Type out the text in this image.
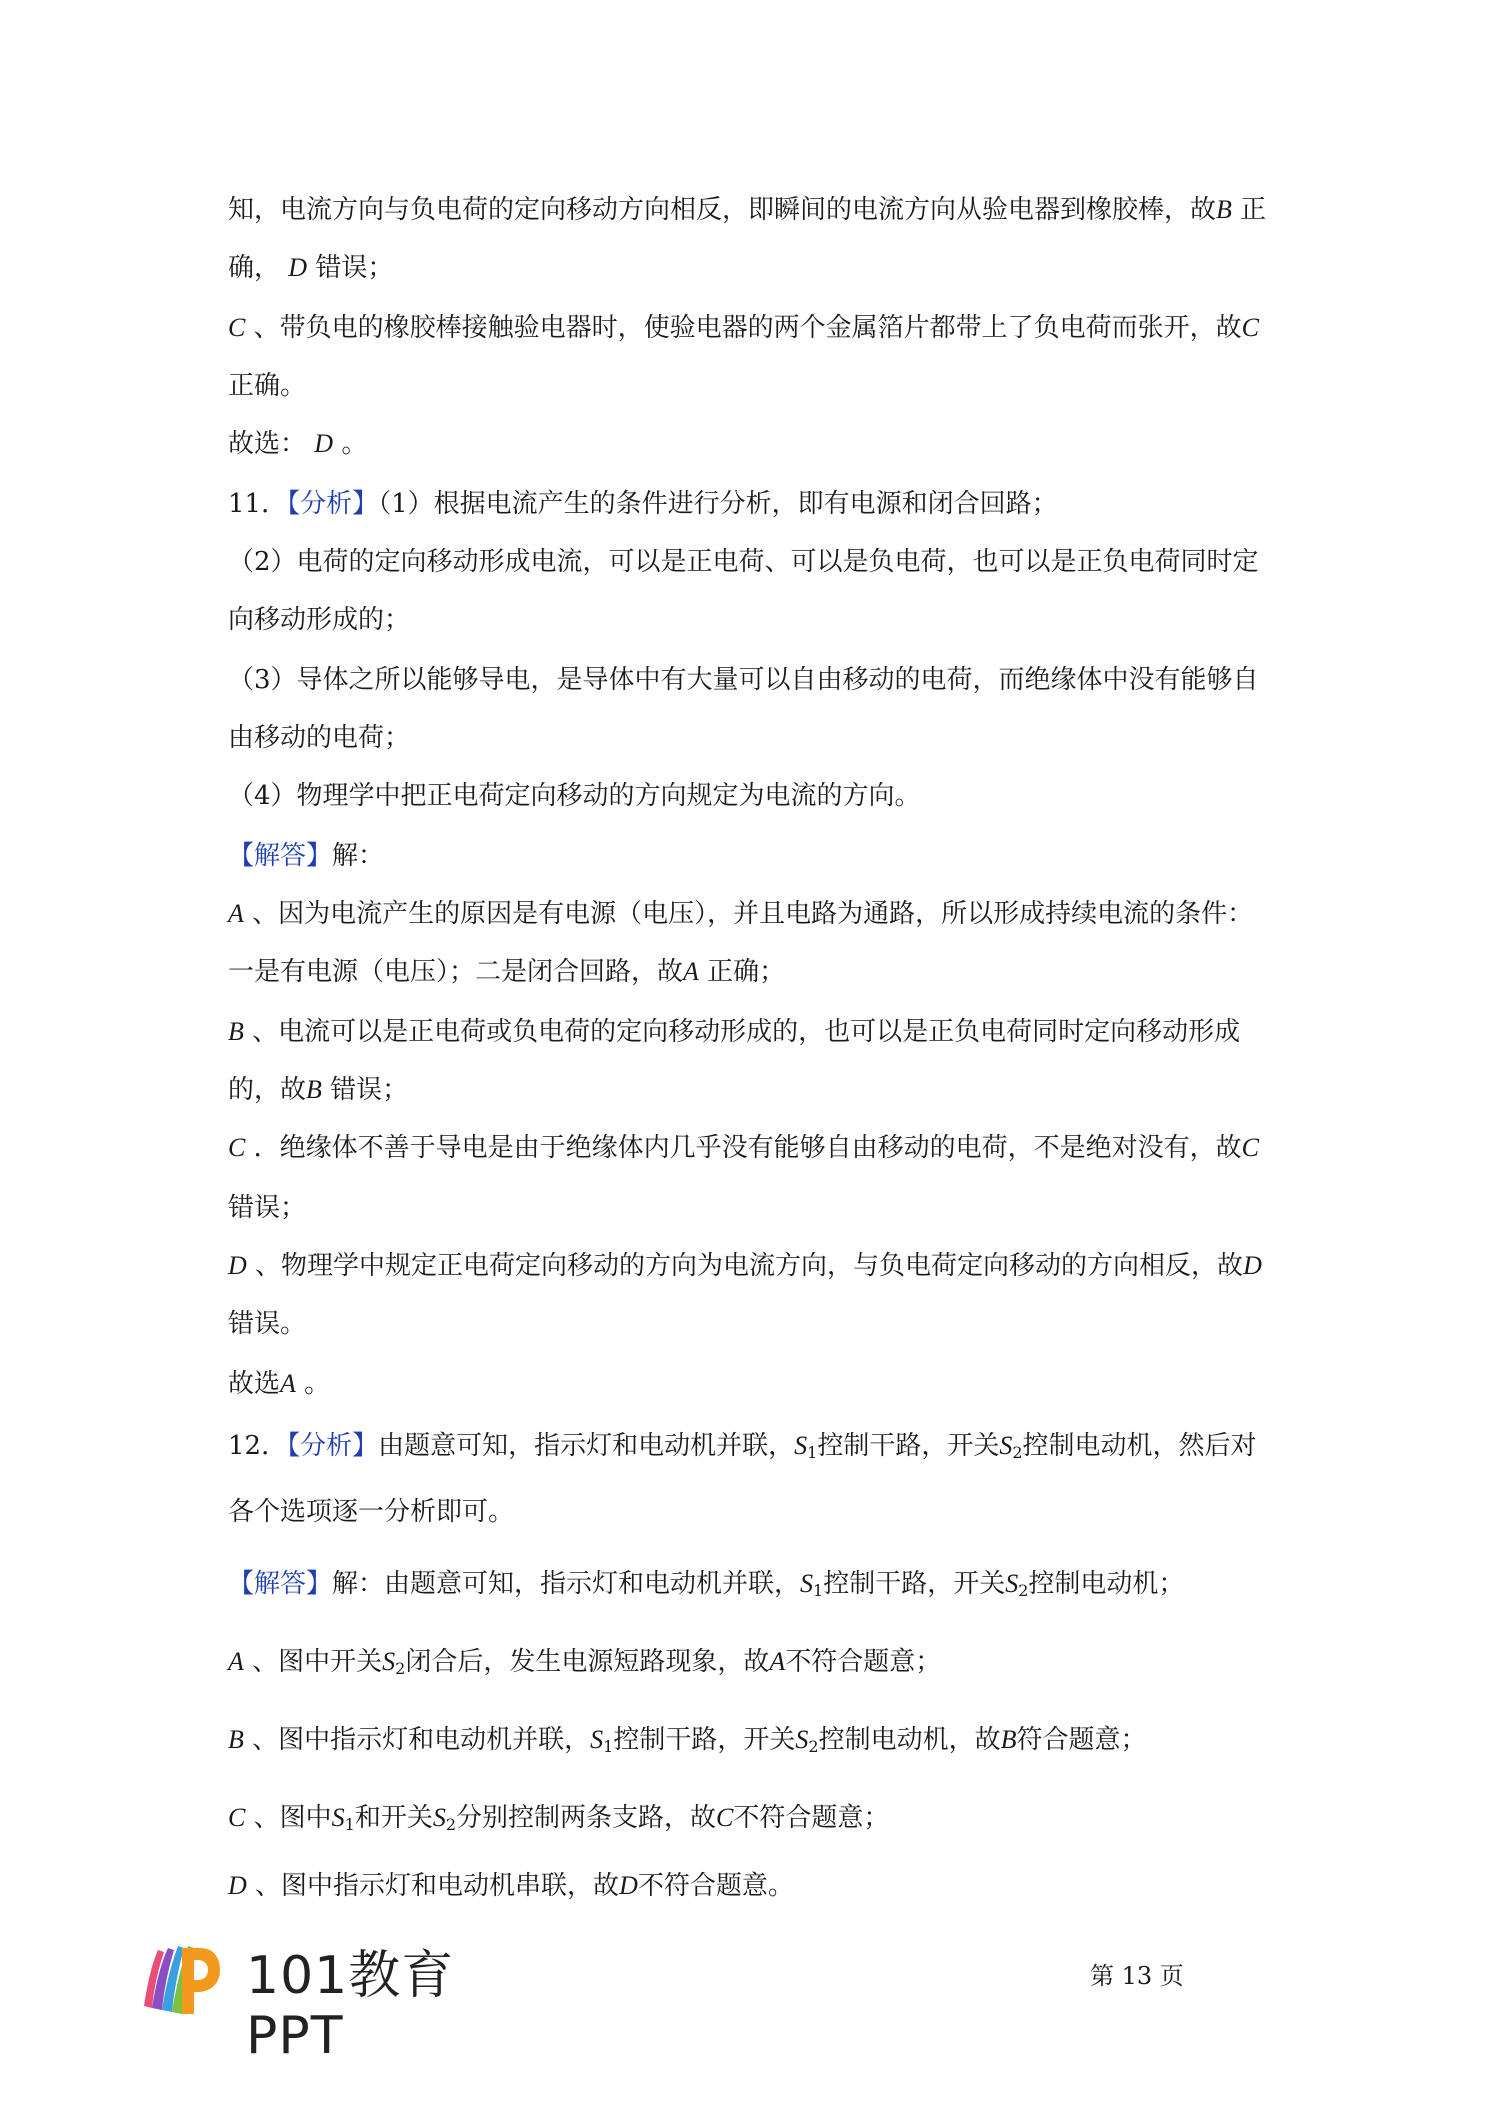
知，电流方向与负电荷的定向移动方向相反，即瞬间的电流方向从验电器到橡胶棒，故B 正
确， D 错误；
C 、带负电的橡胶棒接触验电器时，使验电器的两个金属箔片都带上了负电荷而张开，故C
正确。
故选： D 。
11．【分析】（1）根据电流产生的条件进行分析，即有电源和闭合回路；
（2）电荷的定向移动形成电流，可以是正电荷、可以是负电荷，也可以是正负电荷同时定
向移动形成的；
（3）导体之所以能够导电，是导体中有大量可以自由移动的电荷，而绝缘体中没有能够自
由移动的电荷；
（4）物理学中把正电荷定向移动的方向规定为电流的方向。
【解答】解：
A 、因为电流产生的原因是有电源（电压），并且电路为通路，所以形成持续电流的条件：
一是有电源（电压）；二是闭合回路，故A 正确；
B 、电流可以是正电荷或负电荷的定向移动形成的，也可以是正负电荷同时定向移动形成
的，故B 错误；
C ．绝缘体不善于导电是由于绝缘体内几乎没有能够自由移动的电荷，不是绝对没有，故C
错误；
D 、物理学中规定正电荷定向移动的方向为电流方向，与负电荷定向移动的方向相反，故D
错误。
故选A 。
12．【分析】由题意可知，指示灯和电动机并联，$S_1$控制干路，开关$S_2$控制电动机，然后对
各个选项逐一分析即可。
【解答】解：由题意可知，指示灯和电动机并联，$S_1$控制干路，开关$S_2$控制电动机；
A 、图中开关$S_2$闭合后，发生电源短路现象，故A不符合题意；
B 、图中指示灯和电动机并联，$S_1$控制干路，开关$S_2$控制电动机，故B符合题意；
C 、图中$S_1$和开关$S_2$分别控制两条支路，故C不符合题意；
D 、图中指示灯和电动机串联，故D不符合题意。
101教育PPT
第 13 页
